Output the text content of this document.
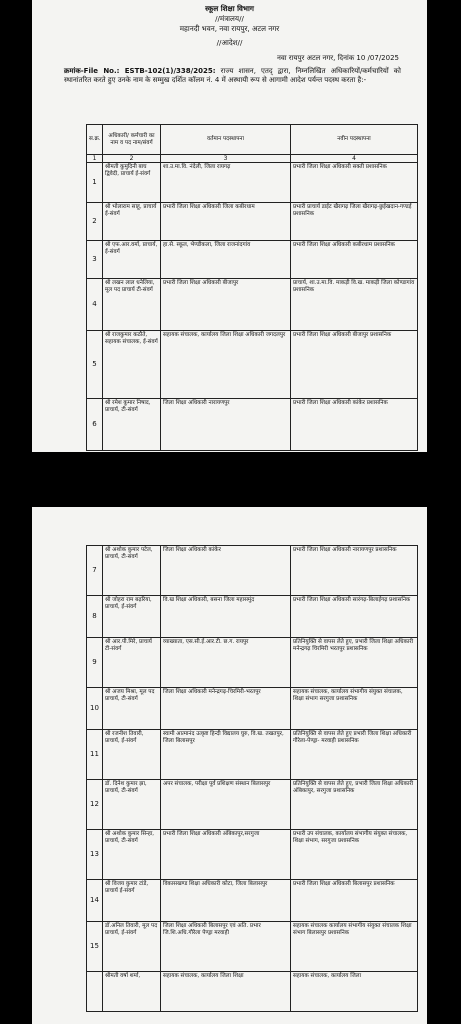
स्कूल शिक्षा विभाग
//मंत्रालय//
महानदी भवन, नवा रायपुर, अटल नगर
//आदेश//
नवा रायपुर अटल नगर, दिनांक 10 /07/2025
क्रमांक-File No.: ESTB-102(1)/338/2025: राज्य शासन, एतद् द्वारा, निम्नलिखित अधिकारियों/कर्मचारियों को स्थानांतरित करते हुए उनके नाम के सम्मुख दर्शित कॉलम नं. 4 में अस्थायी रूप से आगामी आदेश पर्यन्त पदस्थ करता है:-
स.क्र.	अधिकारी/ कर्मचारी का नाम व पद नाम/संवर्ग	वर्तमान पदस्थापना	नवीन पदस्थापना
1	2	3	4
1	श्रीमती कुमुदिनी बाघ द्विवेदी, प्राचार्य ई-संवर्ग	शा.उ.मा.वि. नंदेली, जिला रायगढ़	प्रभारी जिला शिक्षा अधिकारी सक्ती प्रशासनिक
2	श्री भोलाराम साहू, प्राचार्य ई-संवर्ग	प्रभारी जिला शिक्षा अधिकारी जिला कबीरधाम	प्रभारी प्राचार्य डाईट खैरागढ़ जिला खैरागढ़-छुईखदान-गण्डई प्रशासनिक
3	श्री एफ.आर.वर्मा, प्राचार्य, ई-संवर्ग	हा.से. स्कूल, भेण्डीकला, जिला राजनांदगांव	प्रभारी जिला शिक्षा अधिकारी कबीरधाम प्रशासनिक
4	श्री लखन लाल धनेलिया, मूल पद प्राचार्य टी-संवर्ग	प्रभारी जिला शिक्षा अधिकारी बीजापुर	प्राचार्य, शा.उ.मा.वि. माकड़ी वि.ख. माकड़ी जिला कोण्डागांव प्रशासनिक
5	श्री राजकुमार कठौते, सहायक संचालक, ई-संवर्ग	सहायक संचालक, कार्यालय जिला शिक्षा अधिकारी जगदलपुर	प्रभारी जिला शिक्षा अधिकारी बीजापुर प्रशासनिक
6	श्री रमेश कुमार निषाद, प्राचार्य, टी-संवर्ग	जिला शिक्षा अधिकारी नारायणपुर	प्रभारी जिला शिक्षा अधिकारी कांकेर प्रशासनिक
7	श्री अशोक कुमार पटेल, प्राचार्य, टी-संवर्ग	जिला शिक्षा अधिकारी कांकेर	प्रभारी जिला शिक्षा अधिकारी नारायणपुर प्रशासनिक
8	श्री जोहरा राम बढ़रिया, प्राचार्य, ई-संवर्ग	वि.ख शिक्षा अधिकारी, बसना जिला महासमुंद	प्रभारी जिला शिक्षा अधिकारी सारंगढ़-बिलाईगढ़ प्रशासनिक
9	श्री आर.पी.मिरे, प्राचार्य टी-संवर्ग	व्याख्याता, एस.सी.ई.आर.टी. छ.ग. रायपुर	प्रतिनियुक्ति से वापस लेते हुए, प्रभारी जिला शिक्षा अधिकारी मनेन्द्रगढ़ चिरमिरी भरतपुर प्रशासनिक
10	श्री अजय मिश्रा, मूल पद प्राचार्य, टी-संवर्ग	जिला शिक्षा अधिकारी मनेन्द्रगढ़-चिरमिरी-भरतपुर	सहायक संचालक, कार्यालय संभागीय संयुक्त संचालक, शिक्षा संभाग सरगुजा प्रशासनिक
11	श्री रजनीश तिवारी, प्राचार्य, ई-संवर्ग	स्वामी आत्मानंद उत्कृष्ट हिन्दी विद्यालय घुरु, वि.ख. तखतपुर, जिला बिलासपुर	प्रतिनियुक्ति से वापस लेते हुए प्रभारी जिला शिक्षा अधिकारी गौरेला-पेण्ड्रा- मरवाही प्रशासनिक
12	डॉ. दिनेश कुमार झा, प्राचार्य, टी-संवर्ग	अपर संचालक, परीक्षा पूर्व प्रशिक्षण संस्थान बिलासपुर	प्रतिनियुक्ति से वापस लेते हुए, प्रभारी जिला शिक्षा अधिकारी अंबिकापुर, सरगुजा प्रशासनिक
13	श्री अशोक कुमार सिन्हा, प्राचार्य, टी-संवर्ग	प्रभारी जिला शिक्षा अधिकारी अंबिकापुर,सरगुजा	प्रभारी उप संचालक, कार्यालय संभागीय संयुक्त संचालक, शिक्षा संभाग, सरगुजा प्रशासनिक
14	श्री विजय कुमार टांडे, प्राचार्य ई-संवर्ग	विकासखण्ड शिक्षा अधिकारी कोटा, जिला बिलासपुर	प्रभारी जिला शिक्षा अधिकारी बिलासपुर प्रशासनिक
15	डॉ.अनिल तिवारी, मूल पद प्राचार्य, ई-संवर्ग	जिला शिक्षा अधिकारी बिलासपुर एवं अति. प्रभार जि.शि.अधि.गौरेला पेण्ड्रा मरवाही	सहायक संचालक कार्यालय संभागीय संयुक्त संचालक शिक्षा संभाग बिलासपुर प्रशासनिक
	श्रीमती वर्षा शर्मा,	सहायक संचालक, कार्यालय जिला शिक्षा	सहायक संचालक, कार्यालय जिला
